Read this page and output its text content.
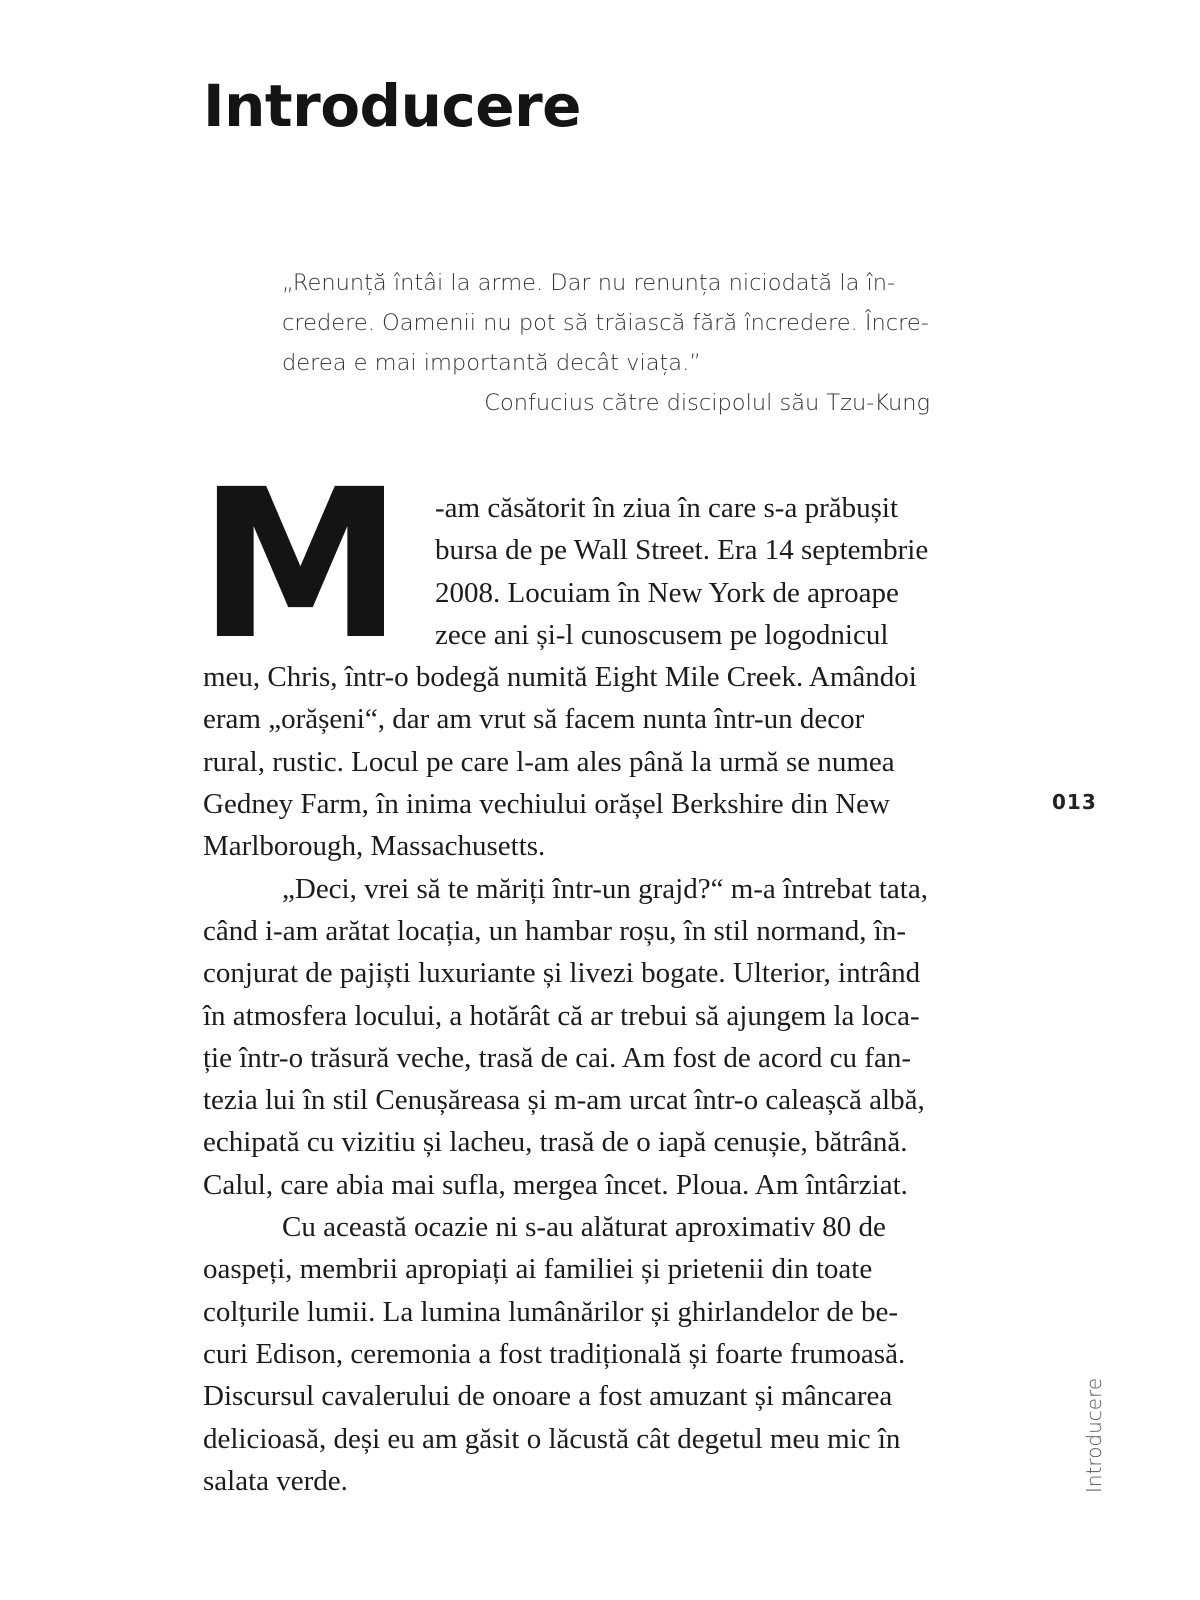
Introducere
„Renunță întâi la arme. Dar nu renunța niciodată la în-
credere. Oamenii nu pot să trăiască fără încredere. Încre-
derea e mai importantă decât viața.”
Confucius către discipolul său Tzu-Kung
M	-am căsătorit în ziua în care s-a prăbușit
bursa de pe Wall Street. Era 14 septembrie
2008. Locuiam în New York de aproape
zece ani și-l cunoscusem pe logodnicul
meu, Chris, într-o bodegă numită Eight Mile Creek. Amândoi
eram „orășeni“, dar am vrut să facem nunta într-un decor
rural, rustic. Locul pe care l-am ales până la urmă se numea
Gedney Farm, în inima vechiului orășel Berkshire din New
Marlborough, Massachusetts.
„Deci, vrei să te măriți într-un grajd?“ m-a întrebat tata,
când i-am arătat locația, un hambar roșu, în stil normand, în-
conjurat de pajiști luxuriante și livezi bogate. Ulterior, intrând
în atmosfera locului, a hotărât că ar trebui să ajungem la loca-
ție într-o trăsură veche, trasă de cai. Am fost de acord cu fan-
tezia lui în stil Cenușăreasa și m-am urcat într-o caleașcă albă,
echipată cu vizitiu și lacheu, trasă de o iapă cenușie, bătrână.
Calul, care abia mai sufla, mergea încet. Ploua. Am întârziat.
Cu această ocazie ni s-au alăturat aproximativ 80 de
oaspeți, membrii apropiați ai familiei și prietenii din toate
colțurile lumii. La lumina lumânărilor și ghirlandelor de be-
curi Edison, ceremonia a fost tradițională și foarte frumoasă.
Discursul cavalerului de onoare a fost amuzant și mâncarea
delicioasă, deși eu am găsit o lăcustă cât degetul meu mic în
salata verde.
013
Introducere
